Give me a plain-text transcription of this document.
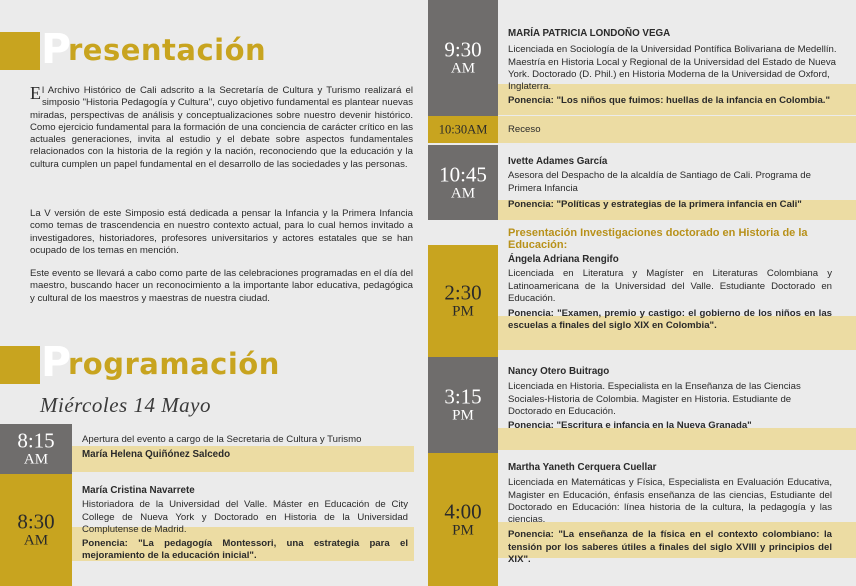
P
resentación
El Archivo Histórico de Cali adscrito a la Secretaría de Cultura y Turismo realizará el simposio "Historia Pedagogía y Cultura", cuyo objetivo fundamental es plantear nuevas miradas, perspectivas de análisis y conceptualizaciones sobre nuestro devenir histórico. Como ejercicio fundamental para la formación de una conciencia de carácter crítico en las actuales generaciones, invita al estudio y el debate sobre aspectos fundamentales relacionados con la historia de la región y la nación, reconociendo que la educación y la cultura cumplen un papel fundamental en el desarrollo de las sociedades y las personas.
La V versión de este Simposio está dedicada a pensar la Infancia y la Primera Infancia como temas de trascendencia en nuestro contexto actual, para lo cual hemos invitado a investigadores, historiadores, profesores universitarios y actores estatales que se han ocupado de los temas en mención.
Este evento se llevará a cabo como parte de las celebraciones programadas en el día del maestro, buscando hacer un reconocimiento a la importante labor educativa, pedagógica y cultural de los maestros y maestras de nuestra ciudad.
P
rogramación
Miércoles 14 Mayo
8:15
AM
Apertura del evento a cargo de la Secretaria de Cultura y Turismo
María Helena Quiñónez Salcedo
8:30
AM
María Cristina Navarrete
Historiadora de la Universidad del Valle. Máster en Educación de City College de Nueva York y Doctorado en Historia de la Universidad Complutense de Madrid.
Ponencia: "La pedagogía Montessori, una estrategia para el mejoramiento de la educación inicial".
9:30
AM
MARÍA PATRICIA LONDOÑO VEGA
Licenciada en Sociología de la Universidad Pontífica Bolivariana de Medellín. Maestría en Historia Local y Regional de la Universidad del Estado de Nueva York. Doctorado (D. Phil.) en Historia Moderna de la Universidad de Oxford, Inglaterra.
Ponencia: "Los niños que fuimos: huellas de la infancia en Colombia."
10:30AM	Receso
10:45
AM
Ivette Adames García
Asesora del Despacho de la alcaldía de Santiago de Cali. Programa de Primera Infancia
Ponencia: "Políticas y estrategias de la primera infancia en Cali"
Presentación Investigaciones doctorado en Historia de la Educación:
2:30
PM
Ángela Adriana Rengifo
Licenciada en Literatura y Magíster en Literaturas Colombiana y Latinoamericana de la Universidad del Valle. Estudiante Doctorado en Educación.
Ponencia: "Examen, premio y castigo: el gobierno de los niños en las escuelas a finales del siglo XIX en Colombia".
3:15
PM
Nancy Otero Buitrago
Licenciada en Historia. Especialista en la Enseñanza de las Ciencias Sociales-Historia de Colombia. Magister en Historia. Estudiante de Doctorado en Educación.
Ponencia: "Escritura e infancia en la Nueva Granada"
4:00
PM
Martha Yaneth Cerquera Cuellar
Licenciada en Matemáticas y Física, Especialista en Evaluación Educativa, Magister en Educación, énfasis enseñanza de las ciencias, Estudiante del Doctorado en Educación: línea historia de la cultura, la pedagogía y las ciencias.
Ponencia: "La enseñanza de la física en el contexto colombiano: la tensión por los saberes útiles a finales del siglo XVIII y principios del XIX".
